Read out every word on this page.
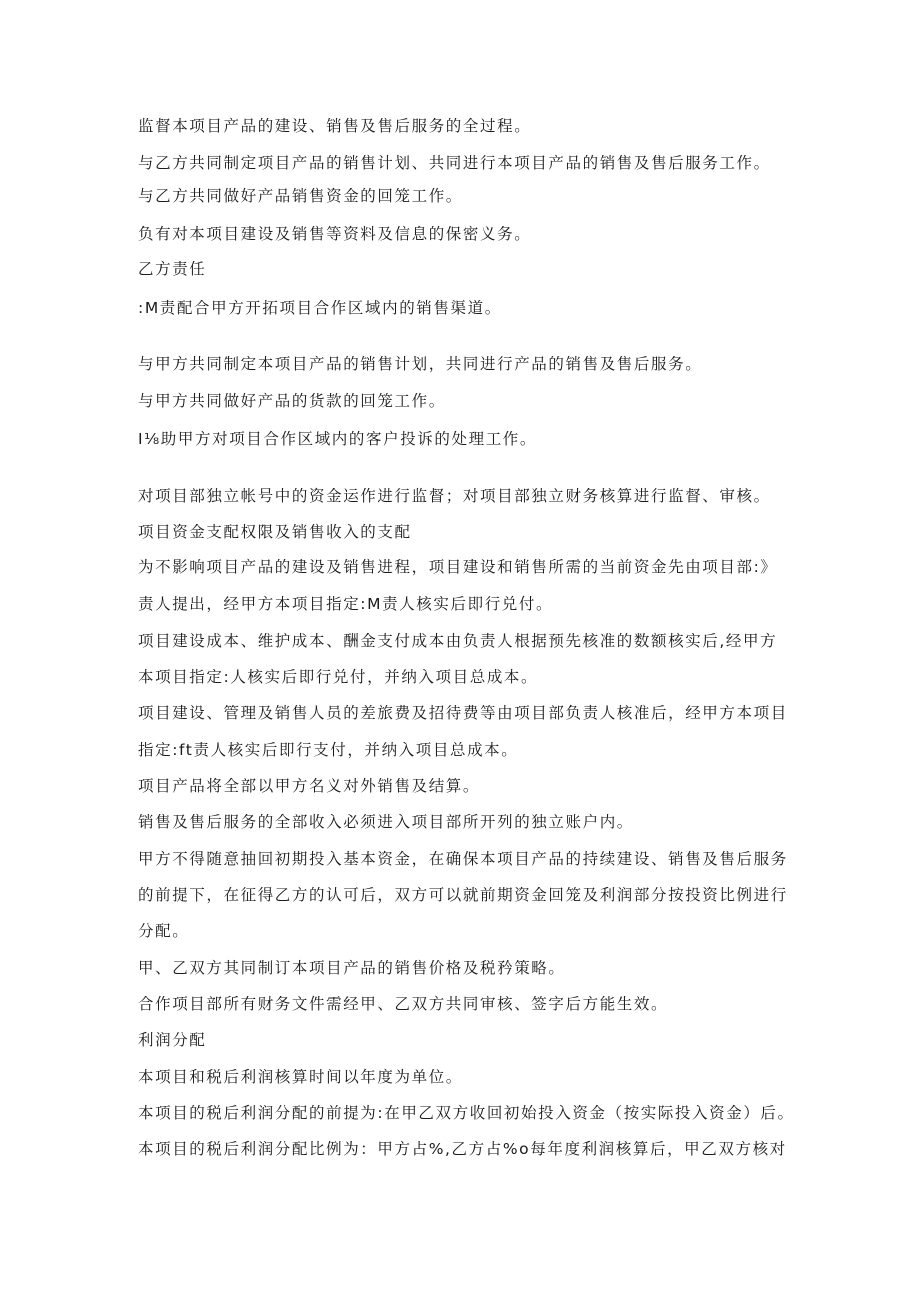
监督本项目产品的建设、销售及售后服务的全过程。
与乙方共同制定项目产品的销售计划、共同进行本项目产品的销售及售后服务工作。
与乙方共同做好产品销售资金的回笼工作。
负有对本项目建设及销售等资料及信息的保密义务。
乙方责任
:M责配合甲方开拓项目合作区域内的销售渠道。
与甲方共同制定本项目产品的销售计划，共同进行产品的销售及售后服务。
与甲方共同做好产品的货款的回笼工作。
I⅛助甲方对项目合作区域内的客户投诉的处理工作。
对项目部独立帐号中的资金运作进行监督；对项目部独立财务核算进行监督、审核。
项目资金支配权限及销售收入的支配
为不影响项目产品的建设及销售进程，项目建设和销售所需的当前资金先由项目部:》
责人提出，经甲方本项目指定:M责人核实后即行兑付。
项目建设成本、维护成本、酬金支付成本由负责人根据预先核准的数额核实后,经甲方
本项目指定:人核实后即行兑付，并纳入项目总成本。
项目建设、管理及销售人员的差旅费及招待费等由项目部负责人核准后，经甲方本项目
指定:ft责人核实后即行支付，并纳入项目总成本。
项目产品将全部以甲方名义对外销售及结算。
销售及售后服务的全部收入必须进入项目部所开列的独立账户内。
甲方不得随意抽回初期投入基本资金，在确保本项目产品的持续建设、销售及售后服务
的前提下，在征得乙方的认可后，双方可以就前期资金回笼及利润部分按投资比例进行
分配。
甲、乙双方其同制订本项目产品的销售价格及税矜策略。
合作项目部所有财务文件需经甲、乙双方共同审核、签字后方能生效。
利润分配
本项目和税后利润核算时间以年度为单位。
本项目的税后利润分配的前提为:在甲乙双方收回初始投入资金（按实际投入资金）后。
本项目的税后利润分配比例为：甲方占%,乙方占%o每年度利润核算后，甲乙双方核对
